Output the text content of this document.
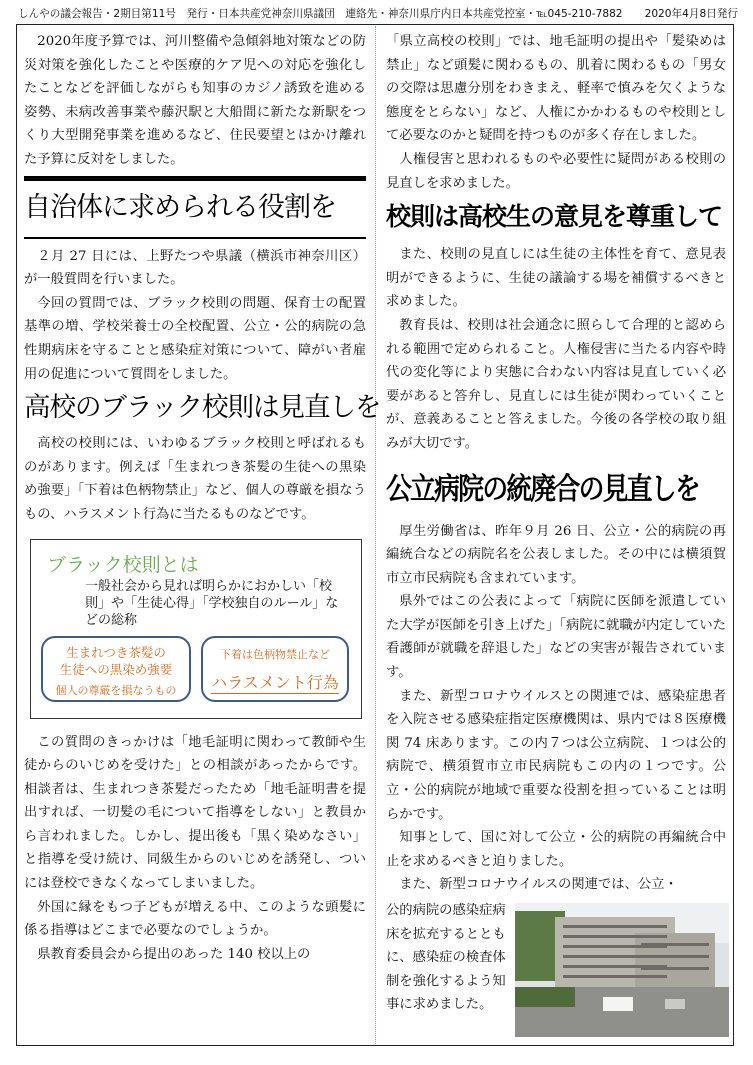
しんやの議会報告・2期目第11号　発行・日本共産党神奈川県議団　連絡先・神奈川県庁内日本共産党控室・℡045-210-7882 2020年4月8日発行

2020年度予算では、河川整備や急傾斜地対策などの防災対策を強化したことや医療的ケア児への対応を強化したことなどを評価しながらも知事のカジノ誘致を進める姿勢、未病改善事業や藤沢駅と大船間に新たな新駅をつくり大型開発事業を進めるなど、住民要望とはかけ離れた予算に反対をしました。

自治体に求められる役割を

２月 27 日には、上野たつや県議（横浜市神奈川区）が一般質問を行いました。

今回の質問では、ブラック校則の問題、保育士の配置基準の増、学校栄養士の全校配置、公立・公的病院の急性期病床を守ることと感染症対策について、障がい者雇用の促進について質問をしました。

高校のブラック校則は見直しを

高校の校則には、いわゆるブラック校則と呼ばれるものがあります。例えば「生まれつき茶髪の生徒への黒染め強要」「下着は色柄物禁止」など、個人の尊厳を損なうもの、ハラスメント行為に当たるものなどです。

ブラック校則とは
一般社会から見れば明らかにおかしい「校則」や「生徒心得」「学校独自のルール」などの総称
生まれつき茶髪の
生徒への黒染め強要
個人の尊厳を損なうもの
下着は色柄物禁止など
ハラスメント行為

この質問のきっかけは「地毛証明に関わって教師や生徒からのいじめを受けた」との相談があったからです。相談者は、生まれつき茶髪だったため「地毛証明書を提出すれば、一切髪の毛について指導をしない」と教員から言われました。しかし、提出後も「黒く染めなさい」と指導を受け続け、同級生からのいじめを誘発し、ついには登校できなくなってしまいました。

外国に縁をもつ子どもが増える中、このような頭髪に係る指導はどこまで必要なのでしょうか。

県教育委員会から提出のあった 140 校以上の

「県立高校の校則」では、地毛証明の提出や「髪染めは禁止」など頭髪に関わるもの、肌着に関わるもの「男女の交際は思慮分別をわきまえ、軽率で慎みを欠くような態度をとらない」など、人権にかかわるものや校則として必要なのかと疑問を持つものが多く存在しました。

人権侵害と思われるものや必要性に疑問がある校則の見直しを求めました。

校則は高校生の意見を尊重して

また、校則の見直しには生徒の主体性を育て、意見表明ができるように、生徒の議論する場を補償するべきと求めました。

教育長は、校則は社会通念に照らして合理的と認められる範囲で定められること。人権侵害に当たる内容や時代の変化等により実態に合わない内容は見直していく必要があると答弁し、見直しには生徒が関わっていくことが、意義あることと答えました。今後の各学校の取り組みが大切です。

公立病院の統廃合の見直しを

厚生労働省は、昨年９月 26 日、公立・公的病院の再編統合などの病院名を公表しました。その中には横須賀市立市民病院も含まれています。

県外ではこの公表によって「病院に医師を派遣していた大学が医師を引き上げた」「病院に就職が内定していた看護師が就職を辞退した」などの実害が報告されています。

また、新型コロナウイルスとの関連では、感染症患者を入院させる感染症指定医療機関は、県内では８医療機関 74 床あります。この内７つは公立病院、１つは公的病院で、横須賀市立市民病院もこの内の１つです。公立・公的病院が地域で重要な役割を担っていることは明らかです。

知事として、国に対して公立・公的病院の再編統合中止を求めるべきと迫りました。

また、新型コロナウイルスの関連では、公立・

公的病院の感染症病床を拡充するとともに、感染症の検査体制を強化するよう知事に求めました。
